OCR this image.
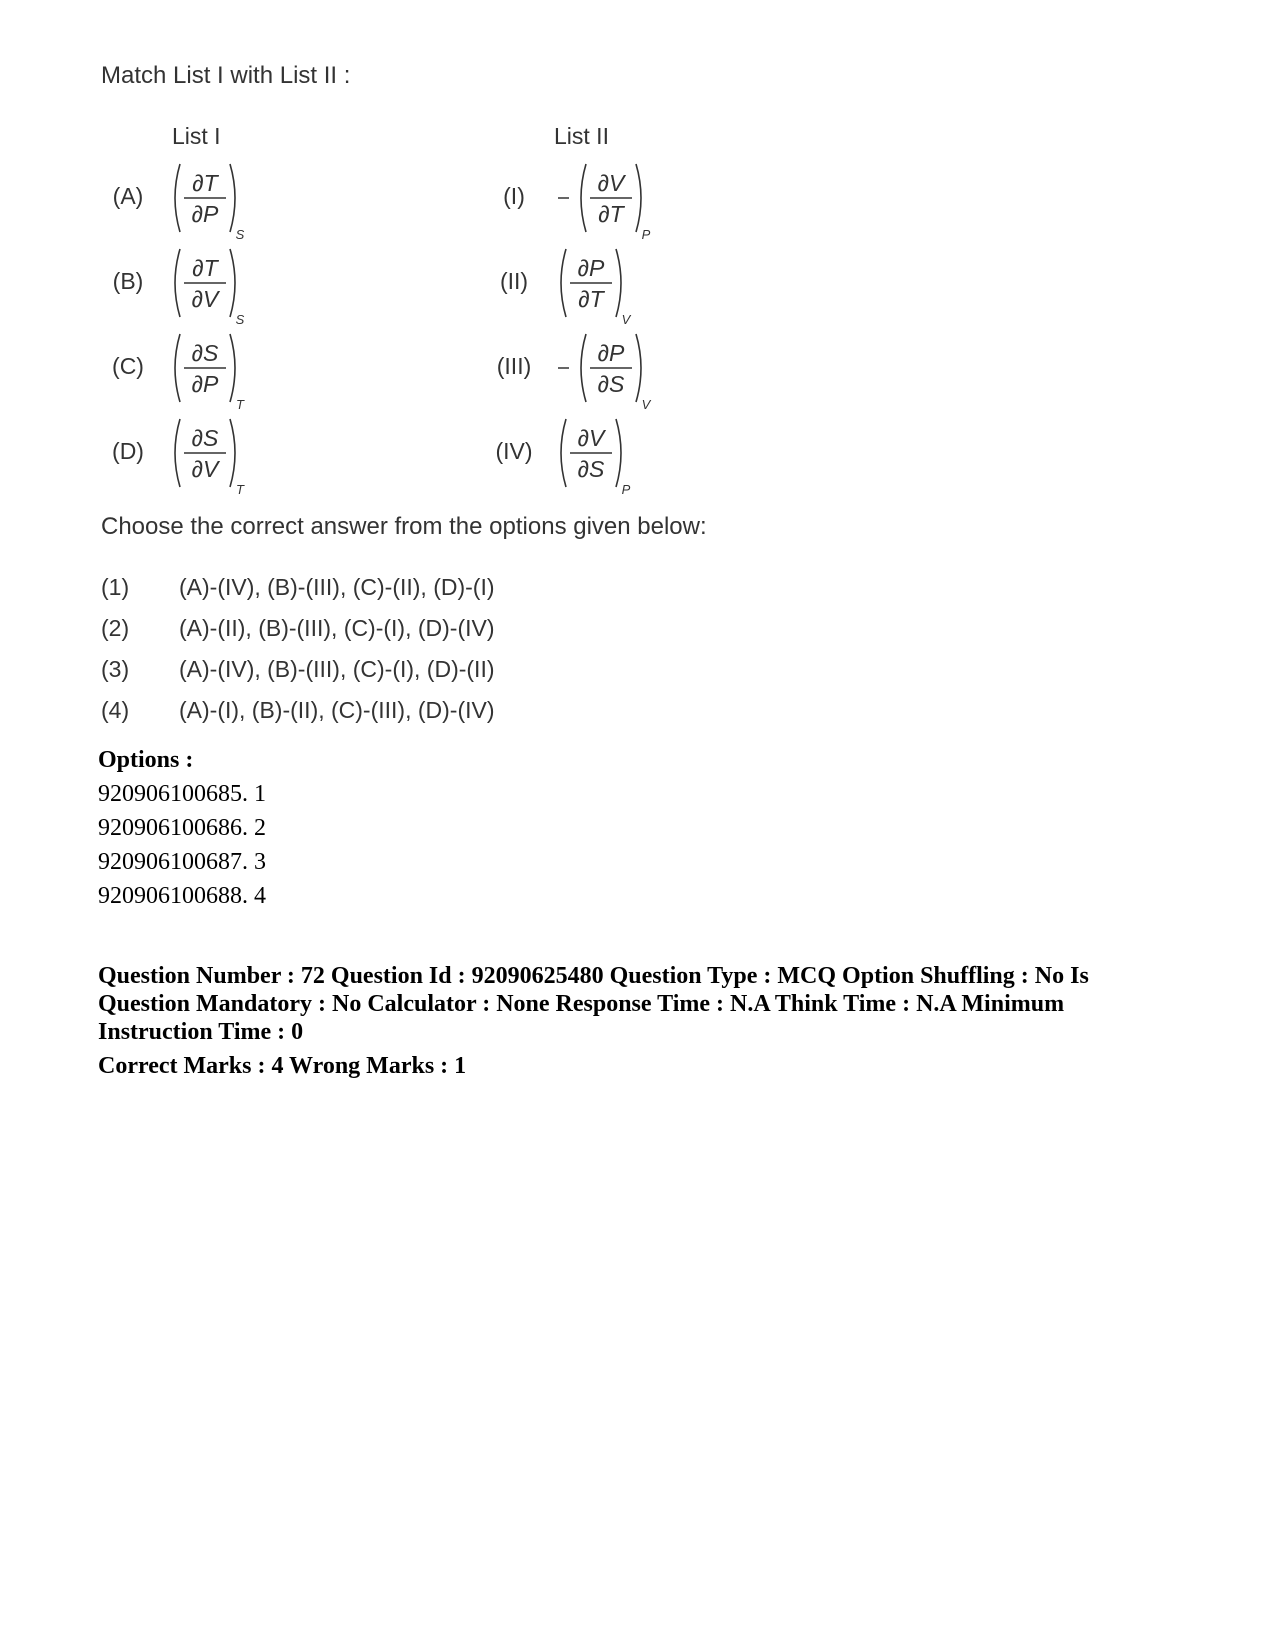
Match List I with List II :
List I	List II
(A)
(B)
(C)
(D)
∂T
∂P
S
∂T
∂V
S
∂S
∂P
T
∂S
∂V
T
(I)
(II)
(III)
(IV)
∂V
∂T
P
∂P
∂T
V
∂P
∂S
V
∂V
∂S
P
Choose the correct answer from the options given below:
(1) (A)-(IV), (B)-(III), (C)-(II), (D)-(I)
(2) (A)-(II), (B)-(III), (C)-(I), (D)-(IV)
(3) (A)-(IV), (B)-(III), (C)-(I), (D)-(II)
(4) (A)-(I), (B)-(II), (C)-(III), (D)-(IV)
Options :
920906100685. 1
920906100686. 2
920906100687. 3
920906100688. 4
Question Number : 72 Question Id : 92090625480 Question Type : MCQ Option Shuffling : No Is Question Mandatory : No Calculator : None Response Time : N.A Think Time : N.A Minimum Instruction Time : 0
Correct Marks : 4 Wrong Marks : 1
